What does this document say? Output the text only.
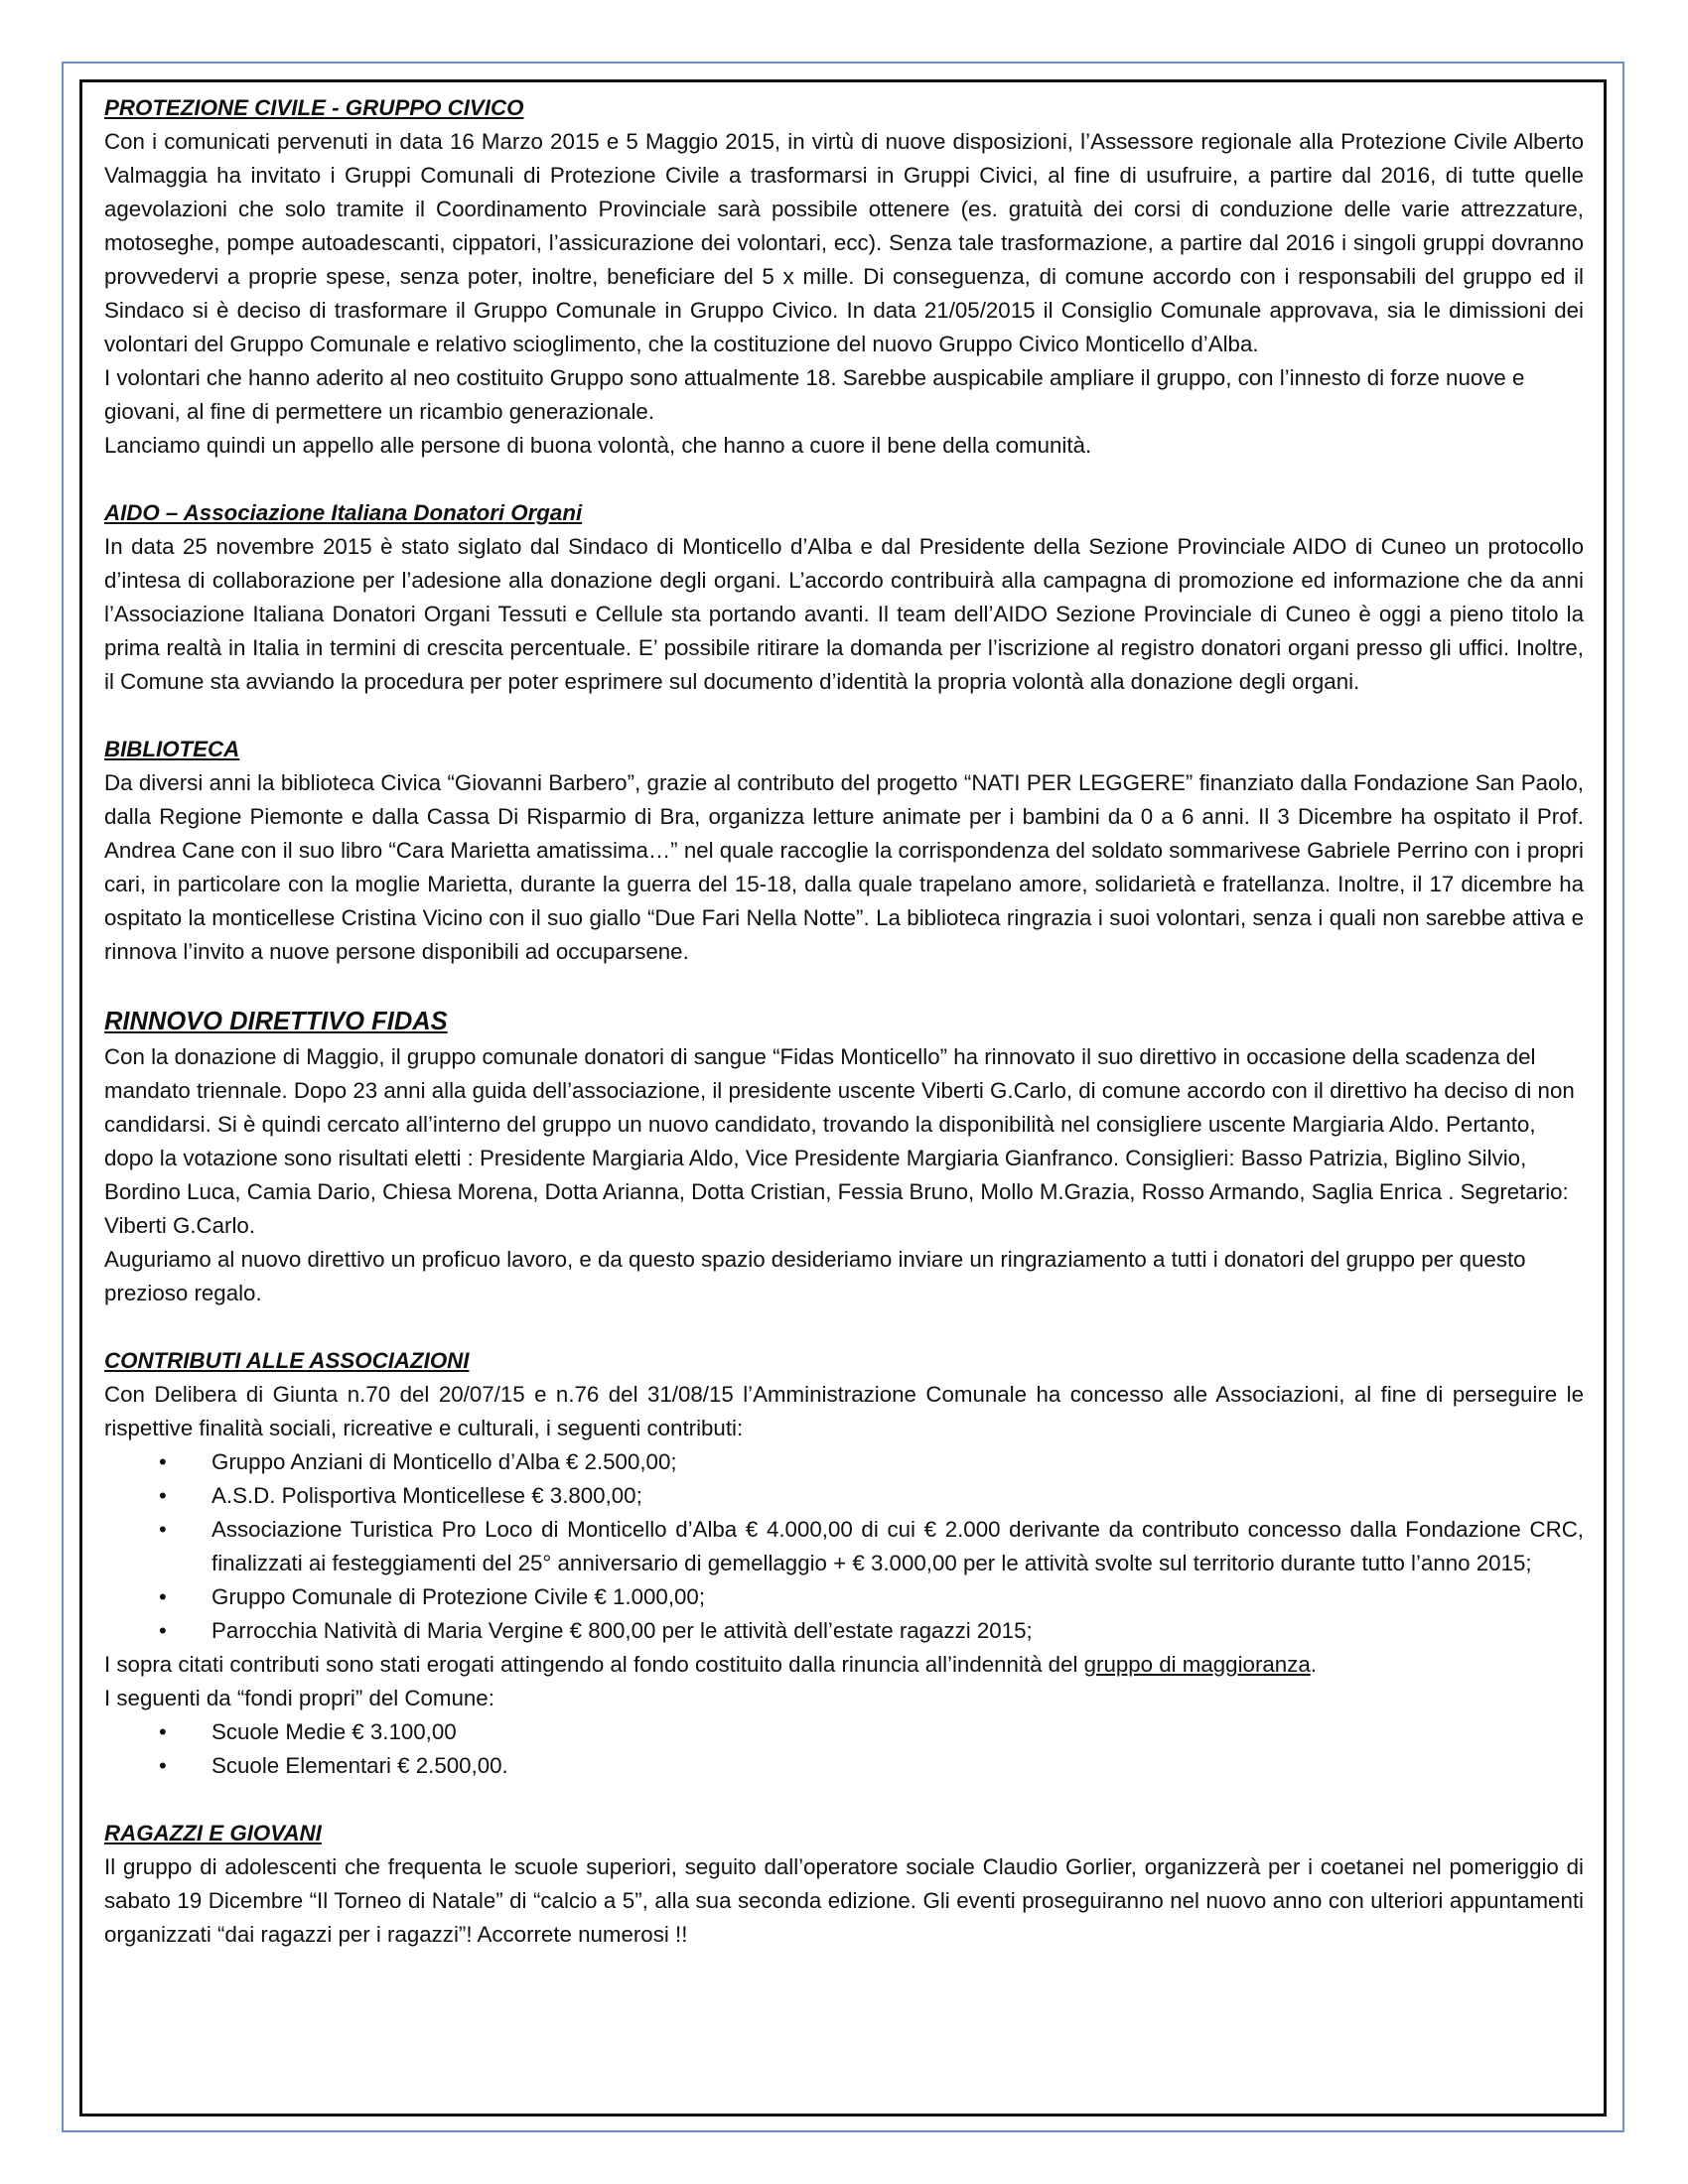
PROTEZIONE CIVILE - GRUPPO CIVICO

Con i comunicati pervenuti in data 16 Marzo 2015 e 5 Maggio 2015, in virtù di nuove disposizioni, l’Assessore regionale alla Protezione Civile Alberto Valmaggia ha invitato i Gruppi Comunali di Protezione Civile a trasformarsi in Gruppi Civici, al fine di usufruire, a partire dal 2016, di tutte quelle agevolazioni che solo tramite il Coordinamento Provinciale sarà possibile ottenere (es. gratuità dei corsi di conduzione delle varie attrezzature, motoseghe, pompe autoadescanti, cippatori, l’assicurazione dei volontari, ecc). Senza tale trasformazione, a partire dal 2016 i singoli gruppi dovranno provvedervi a proprie spese, senza poter, inoltre, beneficiare del 5 x mille. Di conseguenza, di comune accordo con i responsabili del gruppo ed il Sindaco si è deciso di trasformare il Gruppo Comunale in Gruppo Civico. In data 21/05/2015 il Consiglio Comunale approvava, sia le dimissioni dei volontari del Gruppo Comunale e relativo scioglimento, che la costituzione del nuovo Gruppo Civico Monticello d’Alba.

I volontari che hanno aderito al neo costituito Gruppo sono attualmente 18. Sarebbe auspicabile ampliare il gruppo, con l’innesto di forze nuove e giovani, al fine di permettere un ricambio generazionale.

Lanciamo quindi un appello alle persone di buona volontà, che hanno a cuore il bene della comunità.

AIDO – Associazione Italiana Donatori Organi

In data 25 novembre 2015 è stato siglato dal Sindaco di Monticello d’Alba e dal Presidente della Sezione Provinciale AIDO di Cuneo un protocollo d’intesa di collaborazione per l’adesione alla donazione degli organi. L’accordo contribuirà alla campagna di promozione ed informazione che da anni l’Associazione Italiana Donatori Organi Tessuti e Cellule sta portando avanti. Il team dell’AIDO Sezione Provinciale di Cuneo è oggi a pieno titolo la prima realtà in Italia in termini di crescita percentuale. E’ possibile ritirare la domanda per l’iscrizione al registro donatori organi presso gli uffici. Inoltre, il Comune sta avviando la procedura per poter esprimere sul documento d’identità la propria volontà alla donazione degli organi.

BIBLIOTECA

Da diversi anni la biblioteca Civica “Giovanni Barbero”, grazie al contributo del progetto “NATI PER LEGGERE” finanziato dalla Fondazione San Paolo, dalla Regione Piemonte e dalla Cassa Di Risparmio di Bra, organizza letture animate per i bambini da 0 a 6 anni. Il 3 Dicembre ha ospitato il Prof. Andrea Cane con il suo libro “Cara Marietta amatissima…” nel quale raccoglie la corrispondenza del soldato sommarivese Gabriele Perrino con i propri cari, in particolare con la moglie Marietta, durante la guerra del 15-18, dalla quale trapelano amore, solidarietà e fratellanza. Inoltre, il 17 dicembre ha ospitato la monticellese Cristina Vicino con il suo giallo “Due Fari Nella Notte”. La biblioteca ringrazia i suoi volontari, senza i quali non sarebbe attiva e rinnova l’invito a nuove persone disponibili ad occuparsene.

RINNOVO DIRETTIVO FIDAS

Con la donazione di Maggio, il gruppo comunale donatori di sangue “Fidas Monticello” ha rinnovato il suo direttivo in occasione della scadenza del mandato triennale. Dopo 23 anni alla guida dell’associazione, il presidente uscente Viberti G.Carlo, di comune accordo con il direttivo ha deciso di non candidarsi. Si è quindi cercato all’interno del gruppo un nuovo candidato, trovando la disponibilità nel consigliere uscente Margiaria Aldo. Pertanto, dopo la votazione sono risultati eletti : Presidente Margiaria Aldo, Vice Presidente Margiaria Gianfranco. Consiglieri: Basso Patrizia, Biglino Silvio, Bordino Luca, Camia Dario, Chiesa Morena, Dotta Arianna, Dotta Cristian, Fessia Bruno, Mollo M.Grazia, Rosso Armando, Saglia Enrica . Segretario: Viberti G.Carlo.

Auguriamo al nuovo direttivo un proficuo lavoro, e da questo spazio desideriamo inviare un ringraziamento a tutti i donatori del gruppo per questo prezioso regalo.

CONTRIBUTI ALLE ASSOCIAZIONI

Con Delibera di Giunta n.70 del 20/07/15 e n.76 del 31/08/15 l’Amministrazione Comunale ha concesso alle Associazioni, al fine di perseguire le rispettive finalità sociali, ricreative e culturali, i seguenti contributi:

• Gruppo Anziani di Monticello d’Alba € 2.500,00;
• A.S.D. Polisportiva Monticellese € 3.800,00;
• Associazione Turistica Pro Loco di Monticello d’Alba € 4.000,00 di cui € 2.000 derivante da contributo concesso dalla Fondazione CRC, finalizzati ai festeggiamenti del 25° anniversario di gemellaggio + € 3.000,00 per le attività svolte sul territorio durante tutto l’anno 2015;
• Gruppo Comunale di Protezione Civile € 1.000,00;
• Parrocchia Natività di Maria Vergine € 800,00 per le attività dell’estate ragazzi 2015;

I sopra citati contributi sono stati erogati attingendo al fondo costituito dalla rinuncia all’indennità del gruppo di maggioranza.

I seguenti da “fondi propri” del Comune:

• Scuole Medie € 3.100,00
• Scuole Elementari € 2.500,00.

RAGAZZI E GIOVANI

Il gruppo di adolescenti che frequenta le scuole superiori, seguito dall’operatore sociale Claudio Gorlier, organizzerà per i coetanei nel pomeriggio di sabato 19 Dicembre “Il Torneo di Natale” di “calcio a 5”, alla sua seconda edizione. Gli eventi proseguiranno nel nuovo anno con ulteriori appuntamenti organizzati “dai ragazzi per i ragazzi”! Accorrete numerosi !!
